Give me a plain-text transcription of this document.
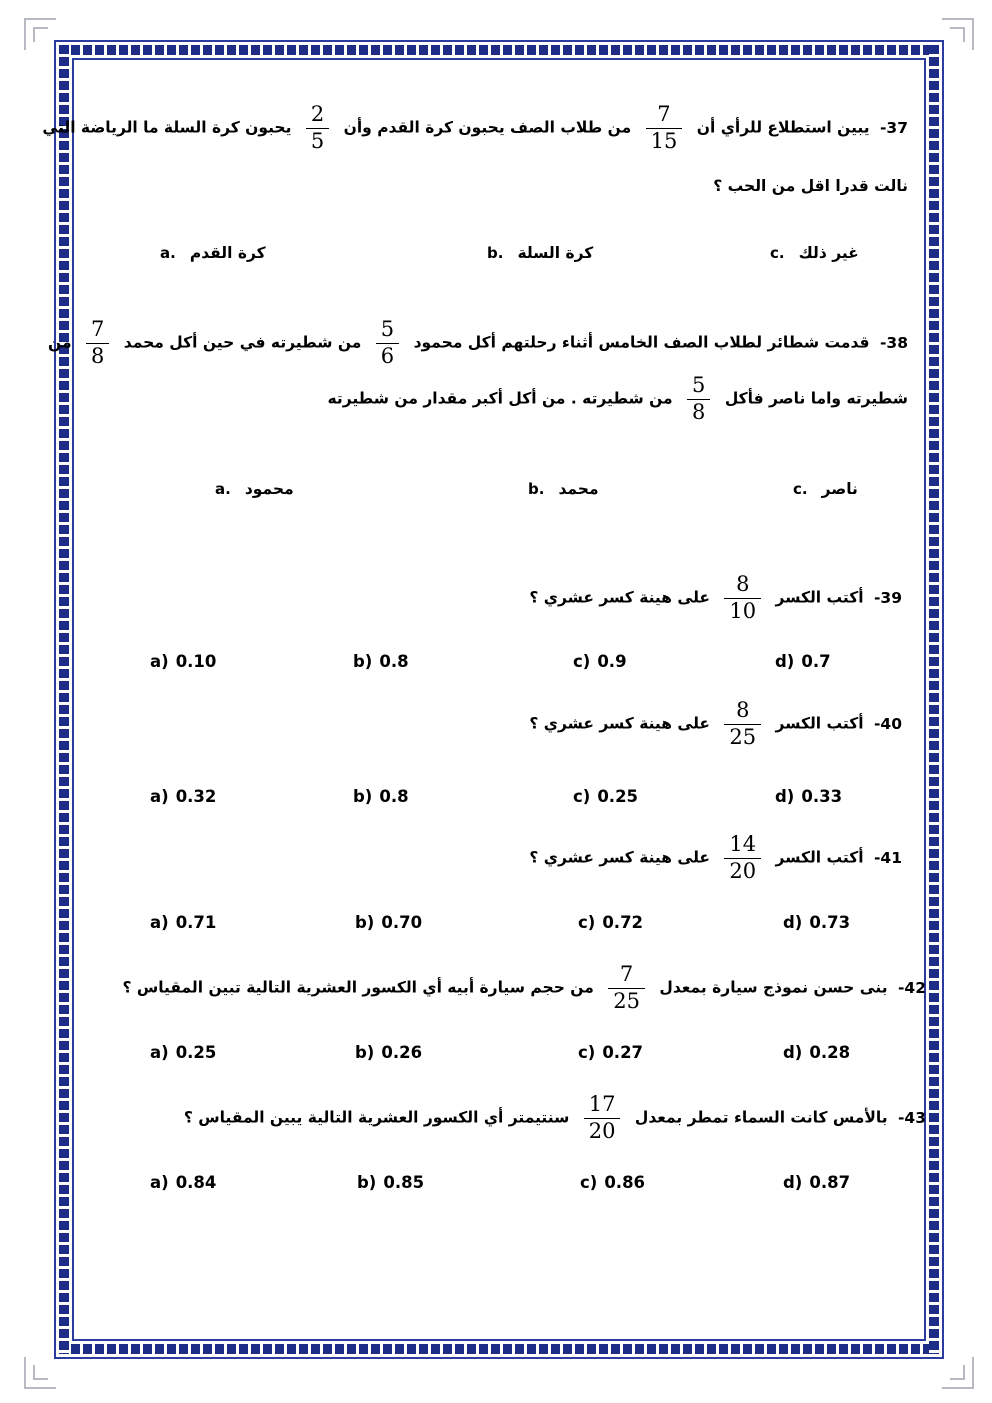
37- يبين استطلاع للرأي أن
$\frac{7}{15}$
من طلاب الصف يحبون كرة القدم وأن
$\frac{2}{5}$
يحبون كرة السلة ما الرياضة التي
نالت قدرا اقل من الحب ؟
a. كرة القدم	b. كرة السلة	c. غير ذلك
38- قدمت شطائر لطلاب الصف الخامس أثناء رحلتهم أكل محمود
$\frac{5}{6}$
من شطيرته في حين أكل محمد
$\frac{7}{8}$
من
شطيرته واما ناصر فأكل
$\frac{5}{8}$
من شطيرته . من أكل أكبر مقدار من شطيرته
a. محمود	b. محمد	c. ناصر
39- أكتب الكسر
$\frac{8}{10}$
على هينة كسر عشري ؟
a) 0.10	b) 0.8	c) 0.9	d) 0.7
40- أكتب الكسر
$\frac{8}{25}$
على هينة كسر عشري ؟
a) 0.32	b) 0.8	c) 0.25	d) 0.33
41- أكتب الكسر
$\frac{14}{20}$
على هينة كسر عشري ؟
a) 0.71	b) 0.70	c) 0.72	d) 0.73
42- بنى حسن نموذج سيارة بمعدل
$\frac{7}{25}$
من حجم سيارة أبيه أي الكسور العشرية التالية تبين المقياس ؟
a) 0.25	b) 0.26	c) 0.27	d) 0.28
43- بالأمس كانت السماء تمطر بمعدل
$\frac{17}{20}$
سنتيمتر أي الكسور العشرية التالية يبين المقياس ؟
a) 0.84	b) 0.85	c) 0.86	d) 0.87
